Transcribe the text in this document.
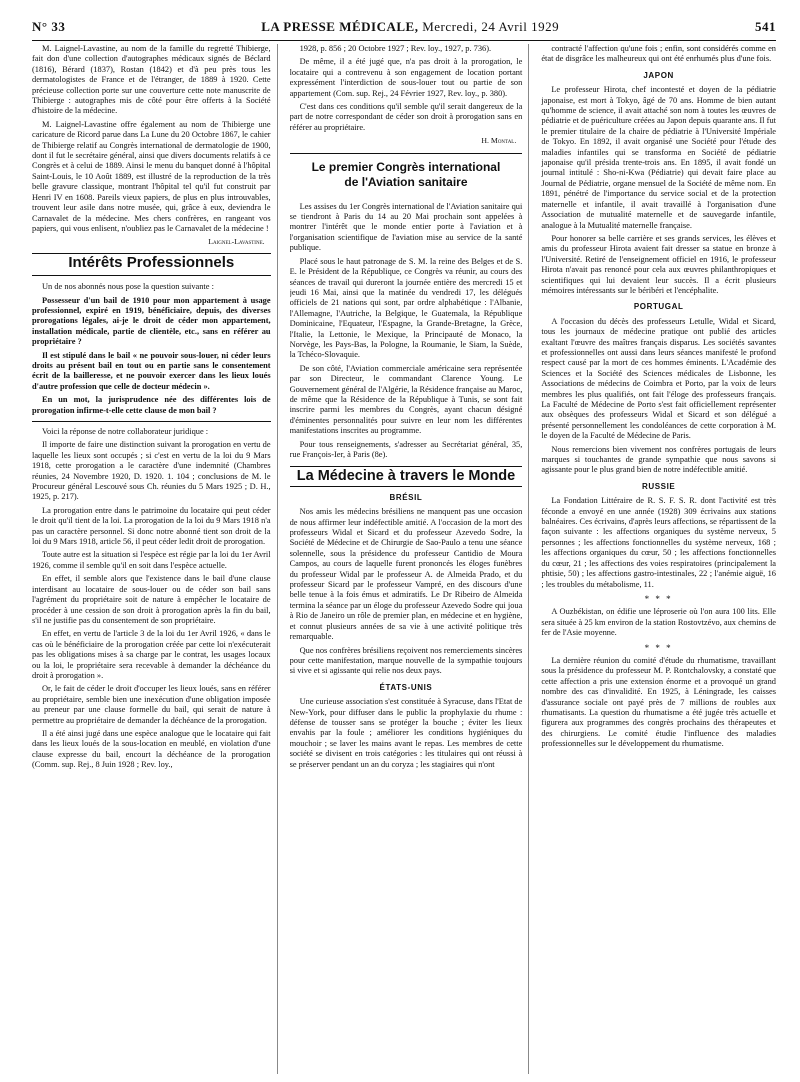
N° 33	LA PRESSE MÉDICALE, Mercredi, 24 Avril 1929	541

M. Laignel-Lavastine, au nom de la famille du regretté Thibierge, fait don d'une collection d'autographes médicaux signés de Béclard (1816), Bérard (1837), Rostan (1842) et d'à peu près tous les dermatologistes de France et de l'étranger, de 1889 à 1920. Cette précieuse collection porte sur une couverture cette note manuscrite de Thibierge : autographes mis de côté pour être offerts à la Société d'histoire de la médecine.

M. Laignel-Lavastine offre également au nom de Thibierge une caricature de Ricord parue dans La Lune du 20 Octobre 1867, le cahier de Thibierge relatif au Congrès international de dermatologie de 1900, dont il fut le secrétaire général, ainsi que divers documents relatifs à ce Congrès et à celui de 1889. Ainsi le menu du banquet donné à l'hôpital Saint-Louis, le 10 Août 1889, est illustré de la reproduction de la très belle gravure classique, montrant l'hôpital tel qu'il fut construit par Henri IV en 1608. Pareils vieux papiers, de plus en plus introuvables, trouvent leur asile dans notre musée, qui, grâce à eux, deviendra le Carnavalet de la médecine. Mes chers confrères, en rangeant vos papiers, qui vous enlisent, n'oubliez pas le Carnavalet de la médecine !

Laignel-Lavastine.
Intérêts Professionnels

Un de nos abonnés nous pose la question suivante :

Possesseur d'un bail de 1910 pour mon appartement à usage professionnel, expiré en 1919, bénéficiaire, depuis, des diverses prorogations légales, ai-je le droit de céder mon appartement, installation médicale, partie de clientèle, etc., sans en référer au propriétaire ?

Il est stipulé dans le bail « ne pouvoir sous-louer, ni céder leurs droits au présent bail en tout ou en partie sans le consentement écrit de la bailleresse, et ne pouvoir exercer dans les lieux loués d'autre profession que celle de docteur médecin ».

En un mot, la jurisprudence née des différentes lois de prorogation infirme-t-elle cette clause de mon bail ?

Voici la réponse de notre collaborateur juridique :

Il importe de faire une distinction suivant la prorogation en vertu de laquelle les lieux sont occupés ; si c'est en vertu de la loi du 9 Mars 1918, cette prorogation a le caractère d'une indemnité (Chambres réunies, 24 Novembre 1920, D. 1920. 1. 104 ; conclusions de M. le Procureur général Lescouvé sous Ch. réunies du 5 Mars 1925 ; D. H., 1925, p. 217).

La prorogation entre dans le patrimoine du locataire qui peut céder le droit qu'il tient de la loi. La prorogation de la loi du 9 Mars 1918 n'a pas un caractère personnel. Si donc notre abonné tient son droit de la loi du 9 Mars 1918, article 56, il peut céder ledit droit de prorogation.

Toute autre est la situation si l'espèce est régie par la loi du 1er Avril 1926, comme il semble qu'il en soit dans l'espèce actuelle.

En effet, il semble alors que l'existence dans le bail d'une clause interdisant au locataire de sous-louer ou de céder son bail sans l'agrément du propriétaire soit de nature à empêcher le locataire de procéder à une cession de son droit à prorogation après la fin du bail, s'il ne justifie pas du consentement de son propriétaire.

En effet, en vertu de l'article 3 de la loi du 1er Avril 1926, « dans le cas où le bénéficiaire de la prorogation créée par cette loi n'exécuterait pas les obligations mises à sa charge par le contrat, les usages locaux ou la loi, le propriétaire sera recevable à demander la déchéance du droit à prorogation ».

Or, le fait de céder le droit d'occuper les lieux loués, sans en référer au propriétaire, semble bien une inexécution d'une obligation imposée au preneur par une clause formelle du bail, qui serait de nature à permettre au propriétaire de demander la déchéance de la prorogation.

Il a été ainsi jugé dans une espèce analogue que le locataire qui fait dans les lieux loués de la sous-location en meublé, en violation d'une clause expresse du bail, encourt la déchéance de la prorogation (Comm. sup. Rej., 8 Juin 1928 ; Rev. loy.,

1928, p. 856 ; 20 Octobre 1927 ; Rev. loy., 1927, p. 736).

De même, il a été jugé que, n'a pas droit à la prorogation, le locataire qui a contrevenu à son engagement de location portant expressément l'interdiction de sous-louer tout ou partie de son appartement (Com. sup. Rej., 24 Février 1927, Rev. loy., p. 380).

C'est dans ces conditions qu'il semble qu'il serait dangereux de la part de notre correspondant de céder son droit à prorogation sans en référer au propriétaire.

H. Montal.
Le premier Congrès international
de l'Aviation sanitaire

Les assises du 1er Congrès international de l'Aviation sanitaire qui se tiendront à Paris du 14 au 20 Mai prochain sont appelées à montrer l'intérêt que le monde entier porte à l'aviation et à l'organisation scientifique de l'aviation mise au service de la santé publique.

Placé sous le haut patronage de S. M. la reine des Belges et de S. E. le Président de la République, ce Congrès va réunir, au cours des séances de travail qui dureront la journée entière des mercredi 15 et jeudi 16 Mai, ainsi que la matinée du vendredi 17, les délégués officiels de 21 nations qui sont, par ordre alphabétique : l'Albanie, l'Allemagne, l'Autriche, la Belgique, le Guatemala, la République Dominicaine, l'Equateur, l'Espagne, la Grande-Bretagne, la Grèce, l'Italie, la Lettonie, le Mexique, la Principauté de Monaco, la Norvège, les Pays-Bas, la Pologne, la Roumanie, le Siam, la Suède, la Tchéco-Slovaquie.

De son côté, l'Aviation commerciale américaine sera représentée par son Directeur, le commandant Clarence Young. Le Gouvernement général de l'Algérie, la Résidence française au Maroc, de même que la Résidence de la République à Tunis, se sont fait inscrire parmi les membres du Congrès, ayant chacun désigné d'éminentes personnalités pour suivre en leur nom les différentes manifestations inscrites au programme.

Pour tous renseignements, s'adresser au Secrétariat général, 35, rue François-Ier, à Paris (8e).

La Médecine à travers le Monde
BRÉSIL

Nos amis les médecins brésiliens ne manquent pas une occasion de nous affirmer leur indéfectible amitié. A l'occasion de la mort des professeurs Widal et Sicard et du professeur Azevedo Sodre, la Société de Médecine et de Chirurgie de Sao-Paulo a tenu une séance solennelle, sous la présidence du professeur Cantidio de Moura Campos, au cours de laquelle furent prononcés les éloges funèbres du professeur Widal par le professeur A. de Almeida Prado, et du professeur Sicard par le professeur Vampré, en des discours d'une belle tenue à la fois émus et admiratifs. Le Dr Ribeiro de Almeida termina la séance par un éloge du professeur Azevedo Sodre qui joua à Rio de Janeiro un rôle de premier plan, en médecine et en hygiène, et connut plusieurs années de sa vie à une activité politique très remarquable.

Que nos confrères brésiliens reçoivent nos remerciements sincères pour cette manifestation, marque nouvelle de la sympathie toujours si vive et si agissante qui relie nos deux pays.

ÉTATS-UNIS

Une curieuse association s'est constituée à Syracuse, dans l'Etat de New-York, pour diffuser dans le public la prophylaxie du rhume : défense de tousser sans se protéger la bouche ; éviter les lieux envahis par la foule ; améliorer les conditions hygiéniques du mouchoir ; se laver les mains avant le repas. Les membres de cette société se divisent en trois catégories : les titulaires qui ont réussi à se préserver pendant un an du coryza ; les stagiaires qui n'ont

contracté l'affection qu'une fois ; enfin, sont considérés comme en état de disgrâce les malheureux qui ont été enrhumés plus d'une fois.

JAPON

Le professeur Hirota, chef incontesté et doyen de la pédiatrie japonaise, est mort à Tokyo, âgé de 70 ans. Homme de bien autant qu'homme de science, il avait attaché son nom à toutes les œuvres de pédiatrie et de puériculture créées au Japon depuis quarante ans. Il fut le premier titulaire de la chaire de pédiatrie à l'Université Impériale de Tokyo. En 1892, il avait organisé une Société pour l'étude des maladies infantiles qui se transforma en Société de pédiatrie japonaise qu'il présida trente-trois ans. En 1895, il avait fondé un journal intitulé : Sho-ni-Kwa (Pédiatrie) qui devait faire place au Journal de Pédiatrie, organe mensuel de la Société de même nom. En 1891, pénétré de l'importance du service social et de la protection maternelle et infantile, il avait travaillé à l'organisation d'une Association de mutualité maternelle et de sauvegarde infantile, analogue à la Mutualité maternelle française.

Pour honorer sa belle carrière et ses grands services, les élèves et amis du professeur Hirota avaient fait dresser sa statue en bronze à l'Université. Retiré de l'enseignement officiel en 1916, le professeur Hirota n'avait pas renoncé pour cela aux œuvres philanthropiques et scientifiques qui lui devaient leur succès. Il a écrit plusieurs mémoires intéressants sur le béribéri et l'encéphalite.

PORTUGAL

A l'occasion du décès des professeurs Letulle, Widal et Sicard, tous les journaux de médecine pratique ont publié des articles exaltant l'œuvre des maîtres français disparus. Les sociétés savantes et professionnelles ont aussi dans leurs séances manifesté le profond respect causé par la mort de ces hommes éminents. L'Académie des Sciences et la Société des Sciences médicales de Lisbonne, les Associations de médecins de Coimbra et Porto, par la voix de leurs membres les plus qualifiés, ont fait l'éloge des professeurs français. La Faculté de Médecine de Porto s'est fait officiellement représenter aux obsèques des professeurs Widal et Sicard et son délégué a présenté personnellement les condoléances de cette corporation à M. le doyen de la Faculté de Médecine de Paris.

Nous remercions bien vivement nos confrères portugais de leurs marques si touchantes de grande sympathie que nous savons si agissante pour le plus grand bien de notre indéfectible amitié.

RUSSIE

La Fondation Littéraire de R. S. F. S. R. dont l'activité est très féconde a envoyé en une année (1928) 309 écrivains aux stations balnéaires. Ces écrivains, d'après leurs affections, se répartissent de la façon suivante : les affections organiques du système nerveux, 5 personnes ; les affections fonctionnelles du système nerveux, 168 ; les affections organiques du cœur, 50 ; les affections fonctionnelles du cœur, 21 ; les affections des voies respiratoires (principalement la phtisie, 50) ; les affections gastro-intestinales, 22 ; l'anémie aiguë, 16 ; les troubles du métabolisme, 11.

* * *

A Ouzbékistan, on édifie une léproserie où l'on aura 100 lits. Elle sera située à 25 km environ de la station Rostovtzévo, aux chemins de fer de l'Asie moyenne.

* * *

La dernière réunion du comité d'étude du rhumatisme, travaillant sous la présidence du professeur M. P. Rontchalovsky, a constaté que cette affection a pris une extension énorme et a provoqué un grand nombre des cas d'invalidité. En 1925, à Léningrade, les caisses d'assurance sociale ont payé près de 7 millions de roubles aux rhumatisants. La question du rhumatisme a été jugée très actuelle et figurera aux programmes des congrès prochains des thérapeutes et des chirurgiens. Le comité étudie l'influence des maladies professionnelles sur le développement du rhumatisme.
